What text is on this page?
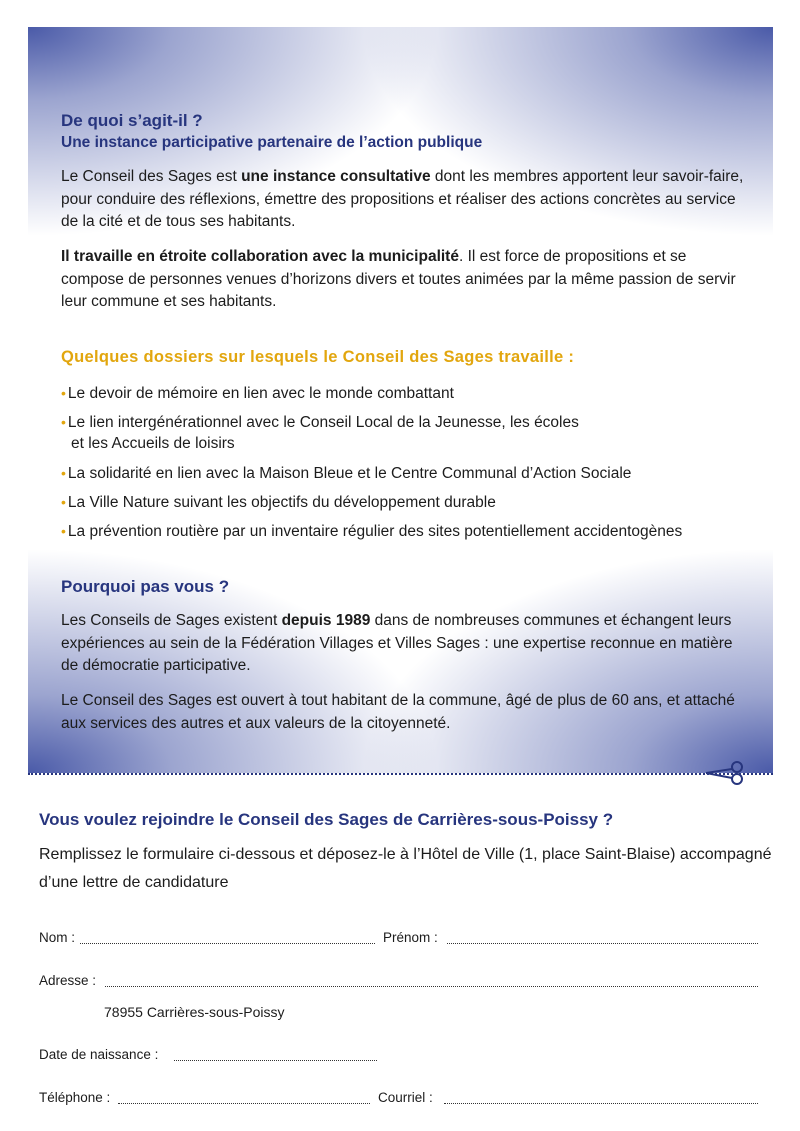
De quoi s’agit-il ?
Une instance participative partenaire de l’action publique

Le Conseil des Sages est une instance consultative dont les membres apportent leur savoir-faire, pour conduire des réflexions, émettre des propositions et réaliser des actions concrètes au service de la cité et de tous ses habitants.

Il travaille en étroite collaboration avec la municipalité. Il est force de propositions et se compose de personnes venues d’horizons divers et toutes animées par la même passion de servir leur commune et ses habitants.

Quelques dossiers sur lesquels le Conseil des Sages travaille :
• Le devoir de mémoire en lien avec le monde combattant
• Le lien intergénérationnel avec le Conseil Local de la Jeunesse, les écoles
et les Accueils de loisirs
• La solidarité en lien avec la Maison Bleue et le Centre Communal d’Action Sociale
• La Ville Nature suivant les objectifs du développement durable
• La prévention routière par un inventaire régulier des sites potentiellement accidentogènes
Pourquoi pas vous ?

Les Conseils de Sages existent depuis 1989 dans de nombreuses communes et échangent leurs expériences au sein de la Fédération Villages et Villes Sages : une expertise reconnue en matière de démocratie participative.

Le Conseil des Sages est ouvert à tout habitant de la commune, âgé de plus de 60 ans, et attaché aux services des autres et aux valeurs de la citoyenneté.

Vous voulez rejoindre le Conseil des Sages de Carrières-sous-Poissy ?

Remplissez le formulaire ci-dessous et déposez-le à l’Hôtel de Ville (1, place Saint-Blaise) accompagné d’une lettre de candidature

Nom :	Prénom :
Adresse :
78955 Carrières-sous-Poissy
Date de naissance :
Téléphone :	Courriel :
